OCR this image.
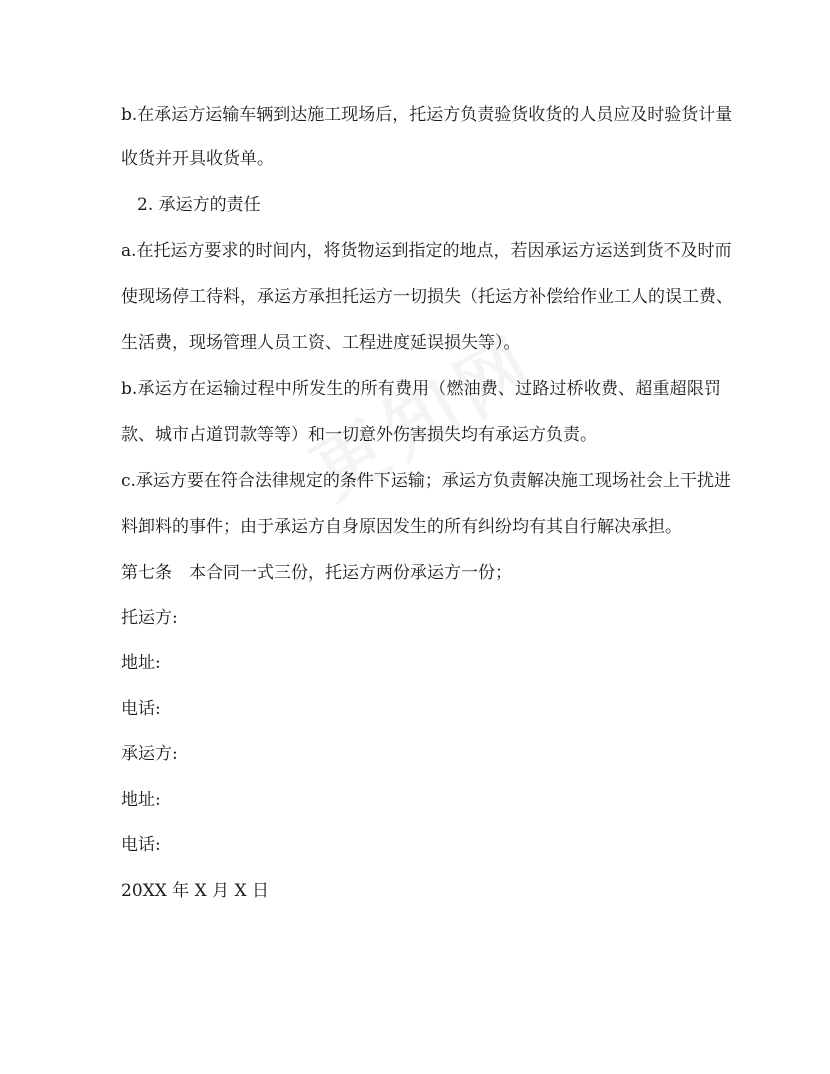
b.在承运方运输车辆到达施工现场后，托运方负责验货收货的人员应及时验货计量
收货并开具收货单。
2. 承运方的责任
a.在托运方要求的时间内，将货物运到指定的地点，若因承运方运送到货不及时而
使现场停工待料，承运方承担托运方一切损失（托运方补偿给作业工人的误工费、
生活费，现场管理人员工资、工程进度延误损失等）。
b.承运方在运输过程中所发生的所有费用（燃油费、过路过桥收费、超重超限罚
款、城市占道罚款等等）和一切意外伤害损失均有承运方负责。
c.承运方要在符合法律规定的条件下运输；承运方负责解决施工现场社会上干扰进
料卸料的事件；由于承运方自身原因发生的所有纠纷均有其自行解决承担。
第七条　本合同一式三份，托运方两份承运方一份；
托运方:
地址:
电话:
承运方:
地址:
电话:
20XX 年 X 月 X 日
